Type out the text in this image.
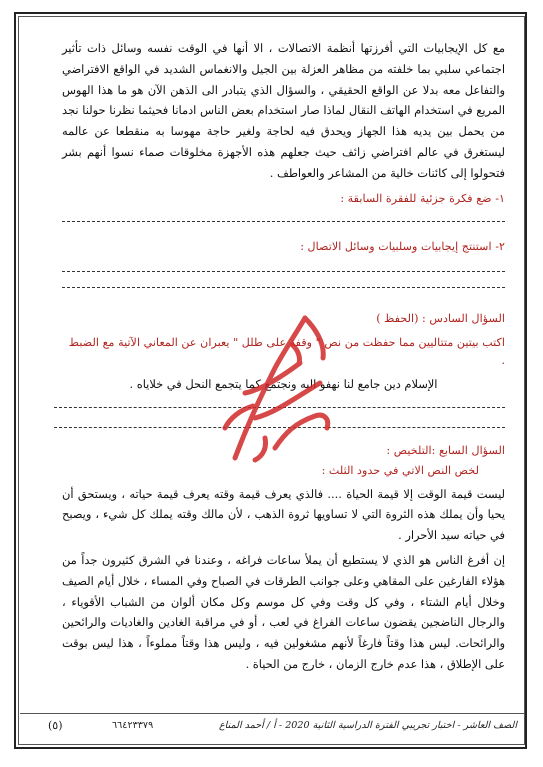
مع كل الإيجابيات التي أفرزتها أنظمة الاتصالات ، الا أنها في الوقت نفسه وسائل ذات تأثير اجتماعي سلبي بما خلفته من مظاهر العزلة بين الجيل والانغماس الشديد في الواقع الافتراضي والتفاعل معه بدلا عن الواقع الحقيقي ، والسؤال الذي يتبادر الى الذهن الآن هو ما هذا الهوس المريع في استخدام الهاتف النقال لماذا صار استخدام بعض الناس ادمانا فحيثما نظرنا حولنا نجد من يحمل بين يديه هذا الجهاز ويحدق فيه لحاجة ولغير حاجة مهوسا به منقطعا عن عالمه ليستغرق في عالم افتراضي زائف حيث جعلهم هذه الأجهزة مخلوقات صماء نسوا أنهم بشر فتحولوا إلى كائنات خالية من المشاعر والعواطف .

١- ضع فكرة جزئية للفقرة السابقة :

٢- استنتج إيجابيات وسلبيات وسائل الاتصال :

السؤال السادس : (الحفظ )

اكتب بيتين متتاليين مما حفظت من نص " وقفة على طلل " يعبران عن المعاني الآتية مع الضبط .

الإسلام دين جامع لنا نهفو اليه ونجتمع كما يتجمع النحل في خلاياه .

السؤال السابع :التلخيص :

لخص النص الاتي في حدود الثلث :

ليست قيمة الوقت إلا قيمة الحياة .... فالذي يعرف قيمة وقته يعرف قيمة حياته ، ويستحق أن يحيا وأن يملك هذه الثروة التي لا تساويها ثروة الذهب ، لأن مالك وقته يملك كل شيء ، ويصبح في حياته سيد الأحرار .

إن أفرغ الناس هو الذي لا يستطيع أن يملأ ساعات فراغه ، وعندنا في الشرق كثيرون جداً من هؤلاء الفارغين على المقاهي وعلى جوانب الطرقات في الصباح وفي المساء ، خلال أيام الصيف وخلال أيام الشتاء ، وفي كل وقت وفي كل موسم وكل مكان ألوان من الشباب الأقوياء ، والرجال الناضجين يقضون ساعات الفراغ في لعب ، أو في مراقبة الغادين والغاديات والرائحين والرائحات. ليس هذا وقتاً فارغاً لأنهم مشغولين فيه ، وليس هذا وقتاً مملوءاً ، هذا ليس بوقت على الإطلاق ، هذا عدم خارج الزمان ، خارج من الحياة .

الصف العاشر - اختبار تجريبي الفترة الدراسية الثانية 2020 - أ / أحمد المناع
٦٦٤٢٣٣٧٩
(٥)
